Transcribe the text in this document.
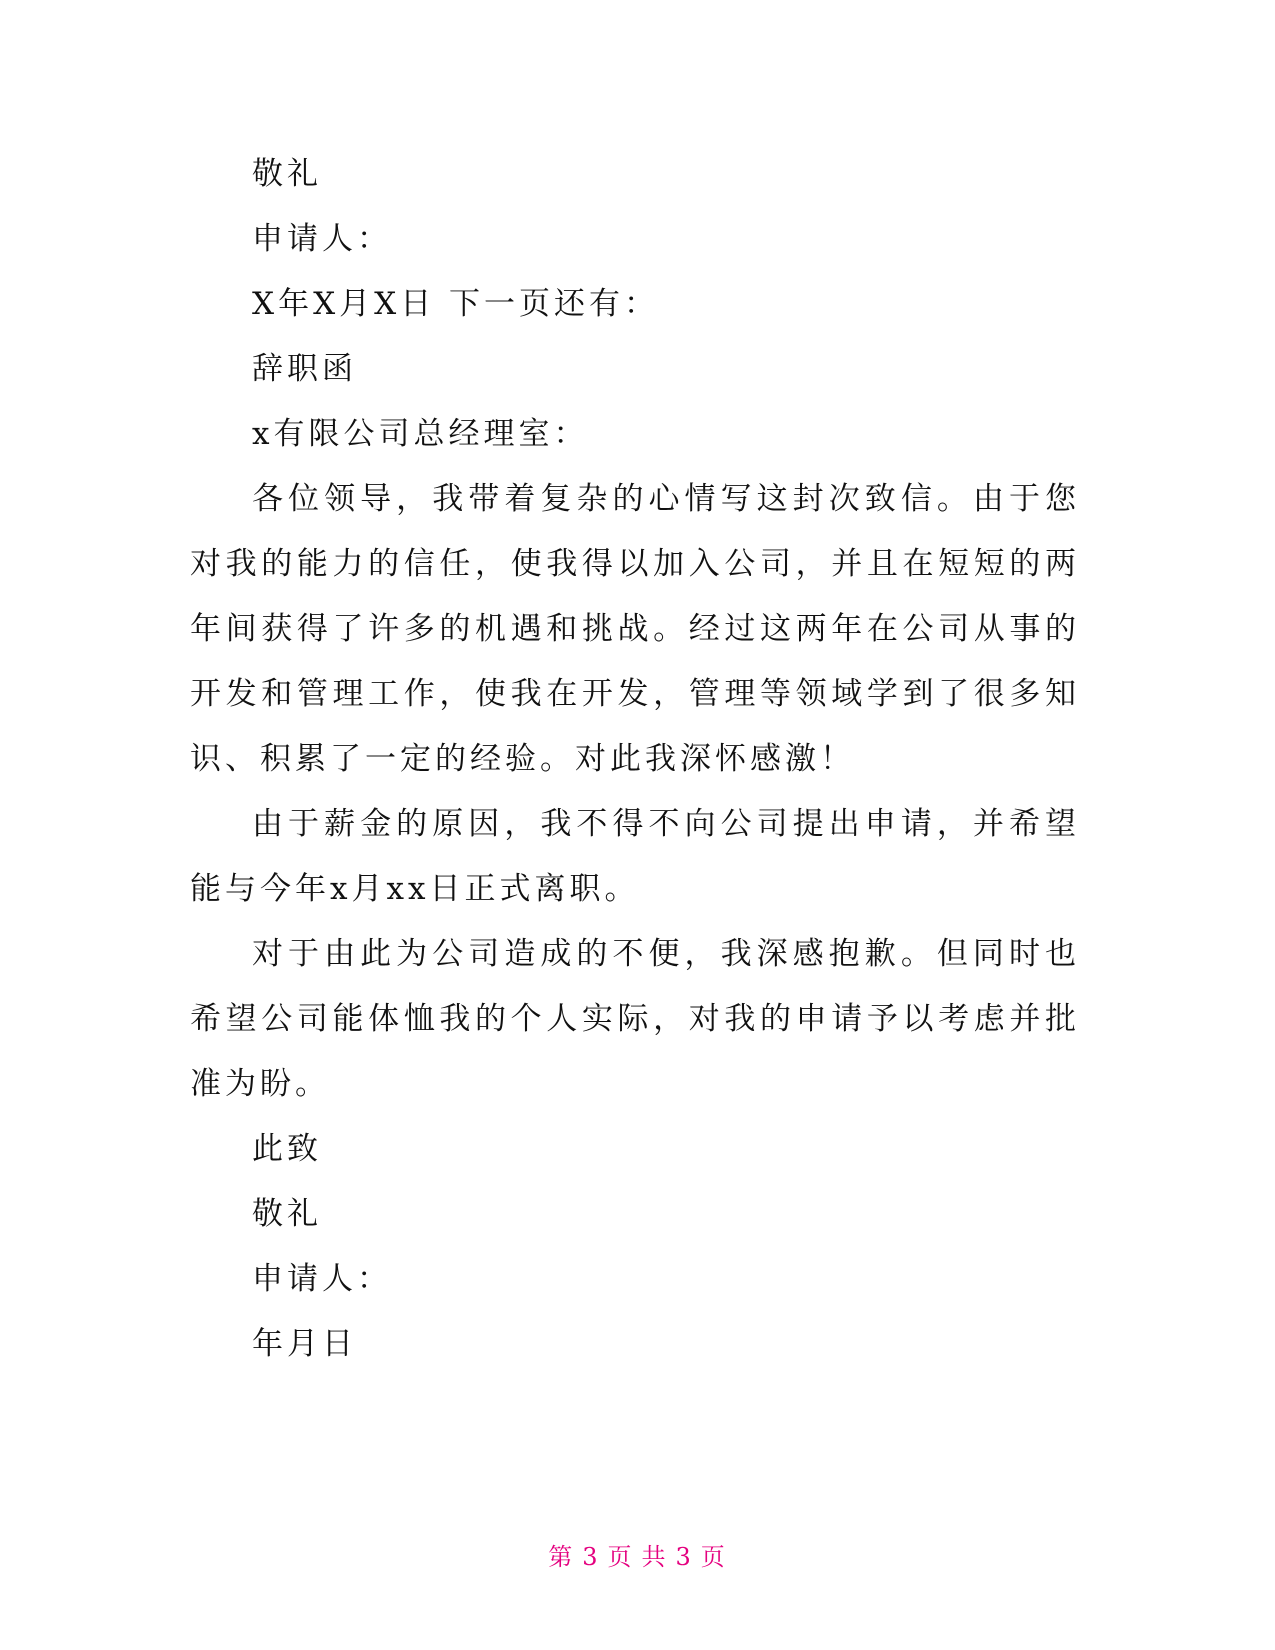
敬礼

申请人：

X年X月X日 下一页还有：

辞职函

x有限公司总经理室：

各位领导，我带着复杂的心情写这封次致信。由于您对我的能力的信任，使我得以加入公司，并且在短短的两年间获得了许多的机遇和挑战。经过这两年在公司从事的开发和管理工作，使我在开发，管理等领域学到了很多知识、积累了一定的经验。对此我深怀感激！

由于薪金的原因，我不得不向公司提出申请，并希望能与今年x月xx日正式离职。

对于由此为公司造成的不便，我深感抱歉。但同时也希望公司能体恤我的个人实际，对我的申请予以考虑并批准为盼。

此致

敬礼

申请人：

年月日

第 3 页 共 3 页
